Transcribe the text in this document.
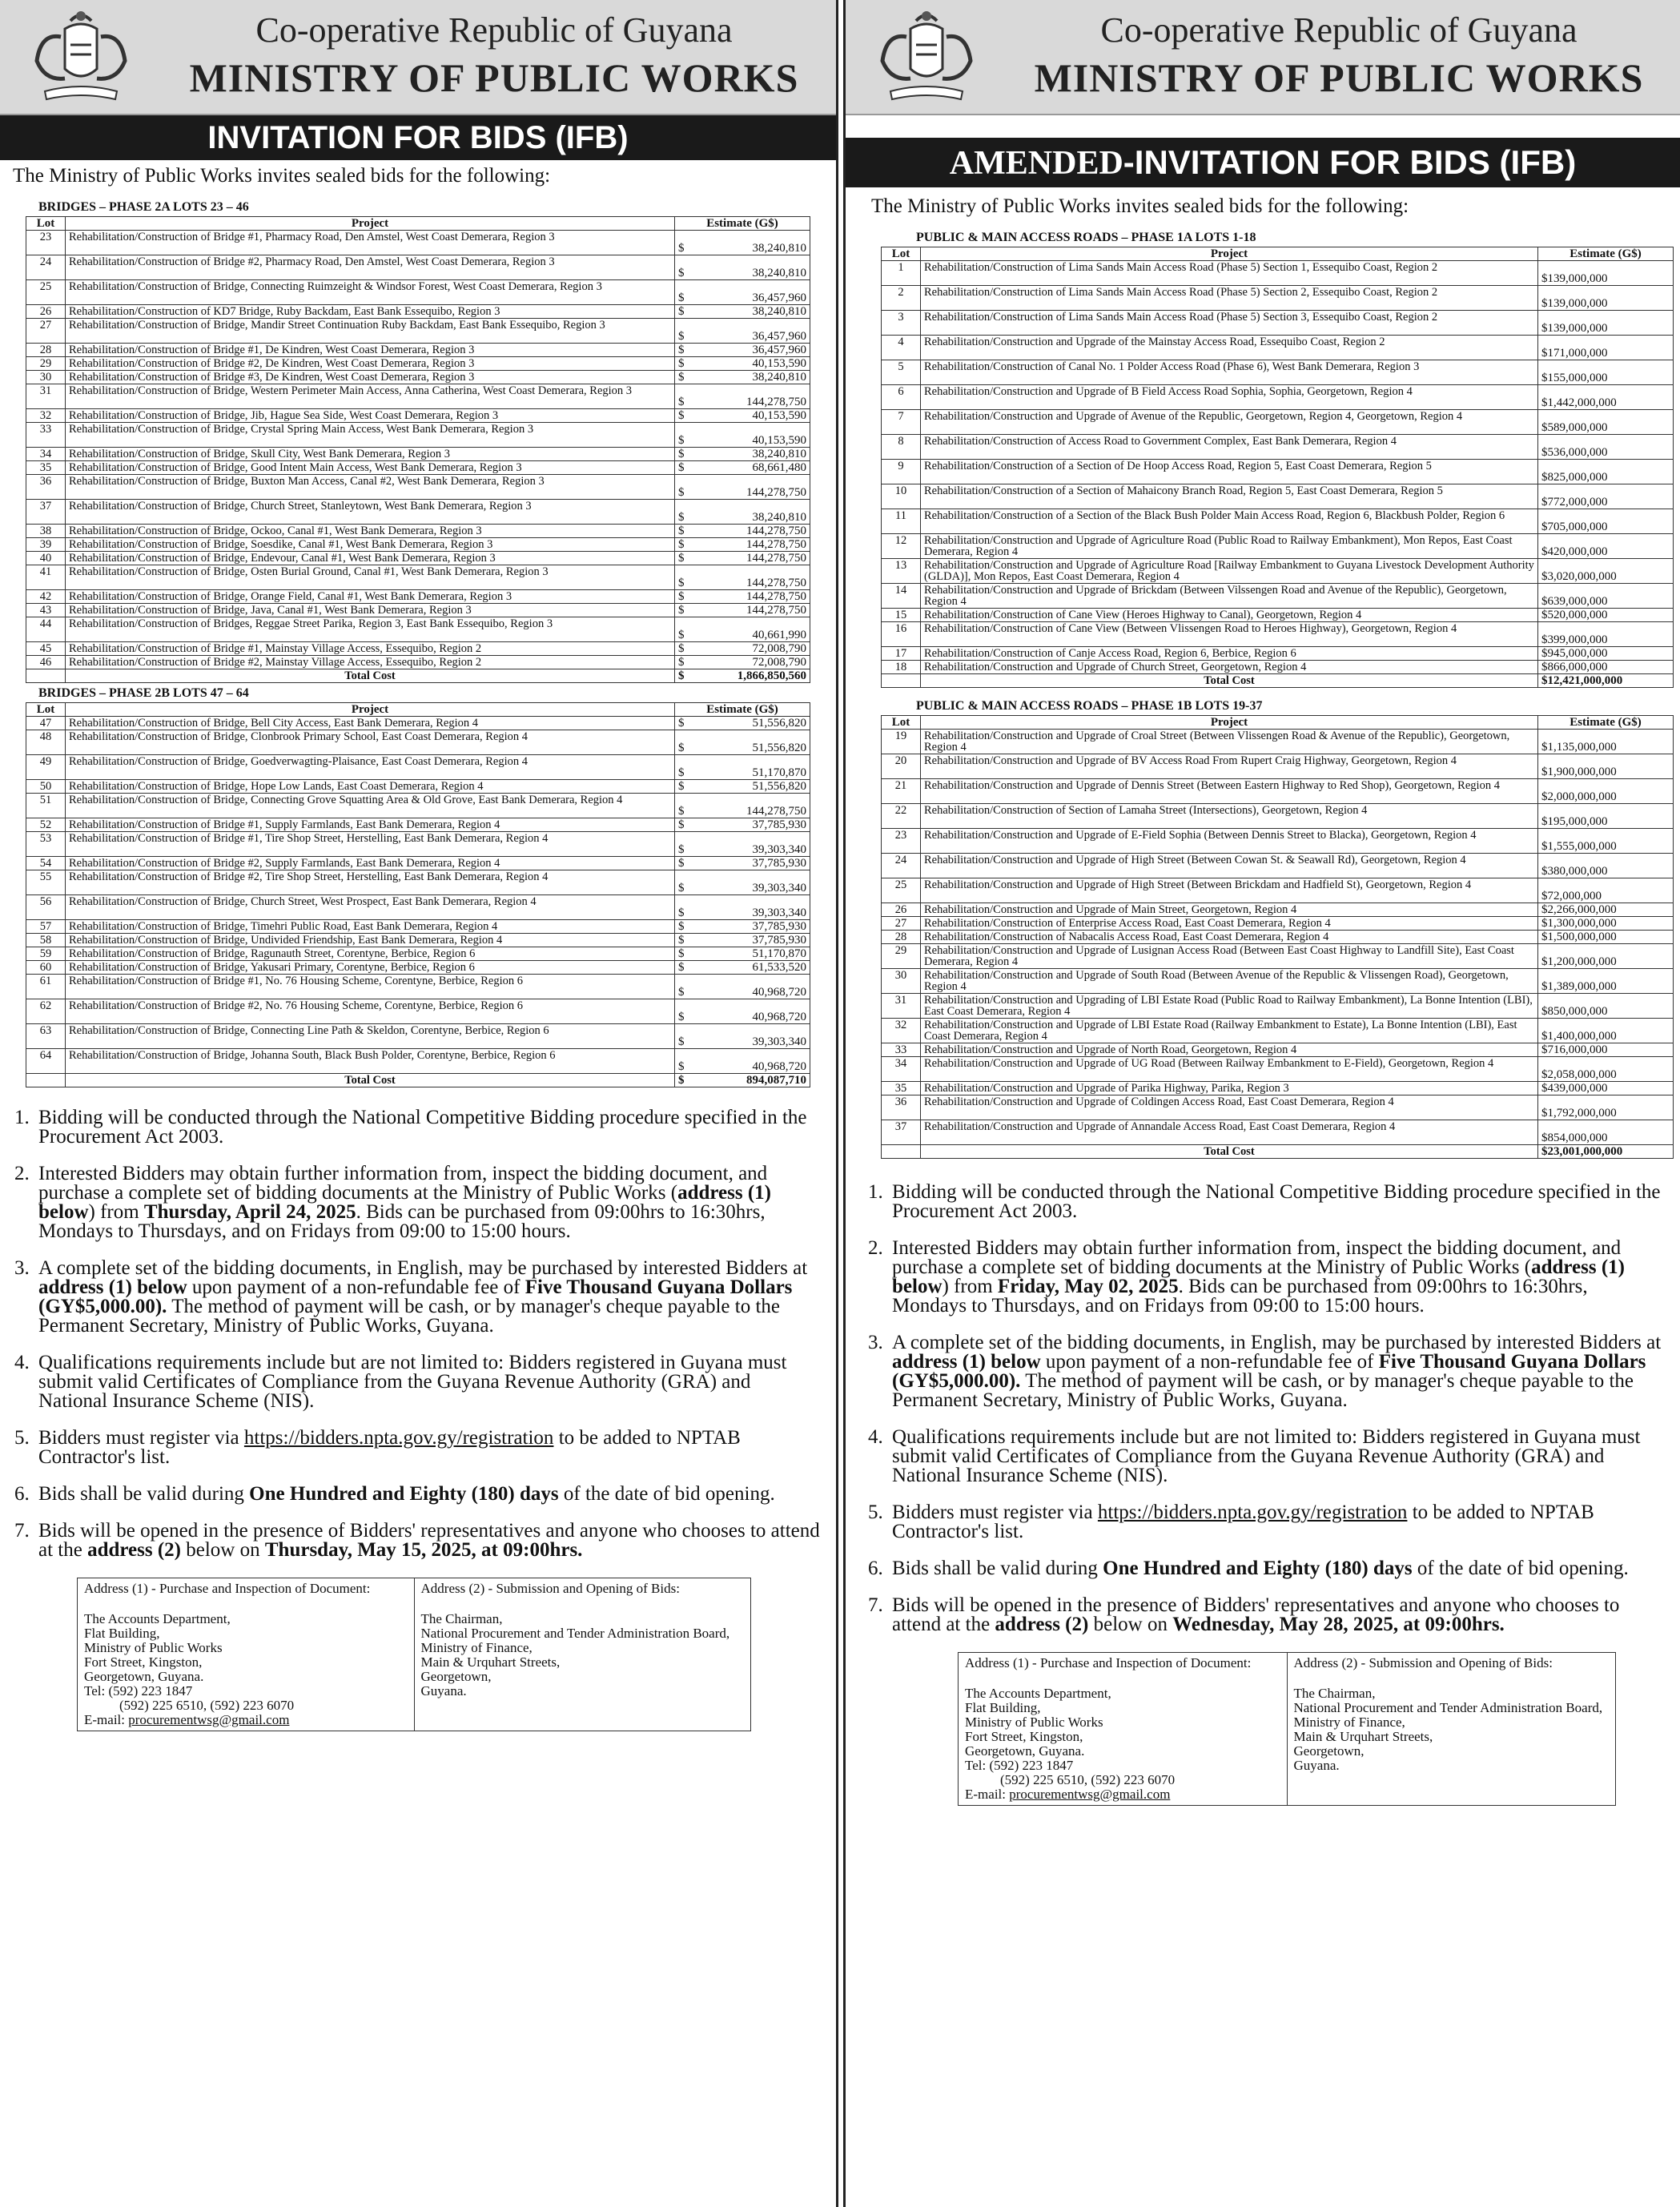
Co-operative Republic of Guyana
MINISTRY OF PUBLIC WORKS
INVITATION FOR BIDS (IFB)
The Ministry of Public Works invites sealed bids for the following:
BRIDGES – PHASE 2A LOTS 23 – 46
Lot	Project	Estimate (G$)
23	Rehabilitation/Construction of Bridge #1, Pharmacy Road, Den Amstel, West Coast Demerara, Region 3	$ 38,240,810

24	Rehabilitation/Construction of Bridge #2, Pharmacy Road, Den Amstel, West Coast Demerara, Region 3	$ 38,240,810

25	Rehabilitation/Construction of Bridge, Connecting Ruimzeight & Windsor Forest, West Coast Demerara, Region 3	$ 36,457,960

26	Rehabilitation/Construction of KD7 Bridge, Ruby Backdam, East Bank Essequibo, Region 3	$ 38,240,810

27	Rehabilitation/Construction of Bridge, Mandir Street Continuation Ruby Backdam, East Bank Essequibo, Region 3	$ 36,457,960

28	Rehabilitation/Construction of Bridge #1, De Kindren, West Coast Demerara, Region 3	$ 36,457,960

29	Rehabilitation/Construction of Bridge #2, De Kindren, West Coast Demerara, Region 3	$ 40,153,590

30	Rehabilitation/Construction of Bridge #3, De Kindren, West Coast Demerara, Region 3	$ 38,240,810

31	Rehabilitation/Construction of Bridge, Western Perimeter Main Access, Anna Catherina, West Coast Demerara, Region 3	$ 144,278,750

32	Rehabilitation/Construction of Bridge, Jib, Hague Sea Side, West Coast Demerara, Region 3	$ 40,153,590

33	Rehabilitation/Construction of Bridge, Crystal Spring Main Access, West Bank Demerara, Region 3	$ 40,153,590

34	Rehabilitation/Construction of Bridge, Skull City, West Bank Demerara, Region 3	$ 38,240,810

35	Rehabilitation/Construction of Bridge, Good Intent Main Access, West Bank Demerara, Region 3	$ 68,661,480

36	Rehabilitation/Construction of Bridge, Buxton Man Access, Canal #2, West Bank Demerara, Region 3	$ 144,278,750

37	Rehabilitation/Construction of Bridge, Church Street, Stanleytown, West Bank Demerara, Region 3	$ 38,240,810

38	Rehabilitation/Construction of Bridge, Ockoo, Canal #1, West Bank Demerara, Region 3	$ 144,278,750

39	Rehabilitation/Construction of Bridge, Soesdike, Canal #1, West Bank Demerara, Region 3	$ 144,278,750

40	Rehabilitation/Construction of Bridge, Endevour, Canal #1, West Bank Demerara, Region 3	$ 144,278,750

41	Rehabilitation/Construction of Bridge, Osten Burial Ground, Canal #1, West Bank Demerara, Region 3	$ 144,278,750

42	Rehabilitation/Construction of Bridge, Orange Field, Canal #1, West Bank Demerara, Region 3	$ 144,278,750

43	Rehabilitation/Construction of Bridge, Java, Canal #1, West Bank Demerara, Region 3	$ 144,278,750

44	Rehabilitation/Construction of Bridges, Reggae Street Parika, Region 3, East Bank Essequibo, Region 3	$ 40,661,990

45	Rehabilitation/Construction of Bridge #1, Mainstay Village Access, Essequibo, Region 2	$ 72,008,790

46	Rehabilitation/Construction of Bridge #2, Mainstay Village Access, Essequibo, Region 2	$ 72,008,790

	Total Cost	$ 1,866,850,560
BRIDGES – PHASE 2B LOTS 47 – 64
Lot	Project	Estimate (G$)
47	Rehabilitation/Construction of Bridge, Bell City Access, East Bank Demerara, Region 4	$ 51,556,820

48	Rehabilitation/Construction of Bridge, Clonbrook Primary School, East Coast Demerara, Region 4	$ 51,556,820

49	Rehabilitation/Construction of Bridge, Goedverwagting-Plaisance, East Coast Demerara, Region 4	$ 51,170,870

50	Rehabilitation/Construction of Bridge, Hope Low Lands, East Coast Demerara, Region 4	$ 51,556,820

51	Rehabilitation/Construction of Bridge, Connecting Grove Squatting Area & Old Grove, East Bank Demerara, Region 4	$ 144,278,750

52	Rehabilitation/Construction of Bridge #1, Supply Farmlands, East Bank Demerara, Region 4	$ 37,785,930

53	Rehabilitation/Construction of Bridge #1, Tire Shop Street, Herstelling, East Bank Demerara, Region 4	$ 39,303,340

54	Rehabilitation/Construction of Bridge #2, Supply Farmlands, East Bank Demerara, Region 4	$ 37,785,930

55	Rehabilitation/Construction of Bridge #2, Tire Shop Street, Herstelling, East Bank Demerara, Region 4	$ 39,303,340

56	Rehabilitation/Construction of Bridge, Church Street, West Prospect, East Bank Demerara, Region 4	$ 39,303,340

57	Rehabilitation/Construction of Bridge, Timehri Public Road, East Bank Demerara, Region 4	$ 37,785,930

58	Rehabilitation/Construction of Bridge, Undivided Friendship, East Bank Demerara, Region 4	$ 37,785,930

59	Rehabilitation/Construction of Bridge, Ragunauth Street, Corentyne, Berbice, Region 6	$ 51,170,870

60	Rehabilitation/Construction of Bridge, Yakusari Primary, Corentyne, Berbice, Region 6	$ 61,533,520

61	Rehabilitation/Construction of Bridge #1, No. 76 Housing Scheme, Corentyne, Berbice, Region 6	$ 40,968,720

62	Rehabilitation/Construction of Bridge #2, No. 76 Housing Scheme, Corentyne, Berbice, Region 6	$ 40,968,720

63	Rehabilitation/Construction of Bridge, Connecting Line Path & Skeldon, Corentyne, Berbice, Region 6	$ 39,303,340

64	Rehabilitation/Construction of Bridge, Johanna South, Black Bush Polder, Corentyne, Berbice, Region 6	$ 40,968,720

	Total Cost	$ 894,087,710
1. Bidding will be conducted through the National Competitive Bidding procedure specified in the Procurement Act 2003.
2. Interested Bidders may obtain further information from, inspect the bidding document, and purchase a complete set of bidding documents at the Ministry of Public Works (address (1) below) from Thursday, April 24, 2025. Bids can be purchased from 09:00hrs to 16:30hrs, Mondays to Thursdays, and on Fridays from 09:00 to 15:00 hours.
3. A complete set of the bidding documents, in English, may be purchased by interested Bidders at address (1) below upon payment of a non-refundable fee of Five Thousand Guyana Dollars (GY$5,000.00). The method of payment will be cash, or by manager's cheque payable to the Permanent Secretary, Ministry of Public Works, Guyana.
4. Qualifications requirements include but are not limited to: Bidders registered in Guyana must submit valid Certificates of Compliance from the Guyana Revenue Authority (GRA) and National Insurance Scheme (NIS).
5. Bidders must register via https://bidders.npta.gov.gy/registration to be added to NPTAB Contractor's list.
6. Bids shall be valid during One Hundred and Eighty (180) days of the date of bid opening.
7. Bids will be opened in the presence of Bidders' representatives and anyone who chooses to attend at the address (2) below on Thursday, May 15, 2025, at 09:00hrs.
Address (1) - Purchase and Inspection of Document:
The Accounts Department,
Flat Building,
Ministry of Public Works
Fort Street, Kingston,
Georgetown, Guyana.
Tel: (592) 223 1847
(592) 225 6510, (592) 223 6070
E-mail: procurementwsg@gmail.com
Address (2) - Submission and Opening of Bids:
The Chairman,
National Procurement and Tender Administration Board,
Ministry of Finance,
Main & Urquhart Streets,
Georgetown,
Guyana.
Co-operative Republic of Guyana
MINISTRY OF PUBLIC WORKS
AMENDED-INVITATION FOR BIDS (IFB)
The Ministry of Public Works invites sealed bids for the following:
PUBLIC & MAIN ACCESS ROADS – PHASE 1A LOTS 1-18
Lot	Project	Estimate (G$)
1	Rehabilitation/Construction of Lima Sands Main Access Road (Phase 5) Section 1, Essequibo Coast, Region 2	$139,000,000
2	Rehabilitation/Construction of Lima Sands Main Access Road (Phase 5) Section 2, Essequibo Coast, Region 2	$139,000,000
3	Rehabilitation/Construction of Lima Sands Main Access Road (Phase 5) Section 3, Essequibo Coast, Region 2	$139,000,000
4	Rehabilitation/Construction and Upgrade of the Mainstay Access Road, Essequibo Coast, Region 2	$171,000,000
5	Rehabilitation/Construction of Canal No. 1 Polder Access Road (Phase 6), West Bank Demerara, Region 3	$155,000,000
6	Rehabilitation/Construction and Upgrade of B Field Access Road Sophia, Sophia, Georgetown, Region 4	$1,442,000,000
7	Rehabilitation/Construction and Upgrade of Avenue of the Republic, Georgetown, Region 4, Georgetown, Region 4	$589,000,000
8	Rehabilitation/Construction of Access Road to Government Complex, East Bank Demerara, Region 4	$536,000,000
9	Rehabilitation/Construction of a Section of De Hoop Access Road, Region 5, East Coast Demerara, Region 5	$825,000,000
10	Rehabilitation/Construction of a Section of Mahaicony Branch Road, Region 5, East Coast Demerara, Region 5	$772,000,000
11	Rehabilitation/Construction of a Section of the Black Bush Polder Main Access Road, Region 6, Blackbush Polder, Region 6	$705,000,000
12	Rehabilitation/Construction and Upgrade of Agriculture Road (Public Road to Railway Embankment), Mon Repos, East Coast Demerara, Region 4	$420,000,000
13	Rehabilitation/Construction and Upgrade of Agriculture Road [Railway Embankment to Guyana Livestock Development Authority (GLDA)], Mon Repos, East Coast Demerara, Region 4	$3,020,000,000
14	Rehabilitation/Construction and Upgrade of Brickdam (Between Vilssengen Road and Avenue of the Republic), Georgetown, Region 4	$639,000,000
15	Rehabilitation/Construction of Cane View (Heroes Highway to Canal), Georgetown, Region 4	$520,000,000
16	Rehabilitation/Construction of Cane View (Between Vlissengen Road to Heroes Highway), Georgetown, Region 4	$399,000,000
17	Rehabilitation/Construction of Canje Access Road, Region 6, Berbice, Region 6	$945,000,000
18	Rehabilitation/Construction and Upgrade of Church Street, Georgetown, Region 4	$866,000,000
	Total Cost	$12,421,000,000
PUBLIC & MAIN ACCESS ROADS – PHASE 1B LOTS 19-37
Lot	Project	Estimate (G$)
19	Rehabilitation/Construction and Upgrade of Croal Street (Between Vlissengen Road & Avenue of the Republic), Georgetown, Region 4	$1,135,000,000
20	Rehabilitation/Construction and Upgrade of BV Access Road From Rupert Craig Highway, Georgetown, Region 4	$1,900,000,000
21	Rehabilitation/Construction and Upgrade of Dennis Street (Between Eastern Highway to Red Shop), Georgetown, Region 4	$2,000,000,000
22	Rehabilitation/Construction of Section of Lamaha Street (Intersections), Georgetown, Region 4	$195,000,000
23	Rehabilitation/Construction and Upgrade of E-Field Sophia (Between Dennis Street to Blacka), Georgetown, Region 4	$1,555,000,000
24	Rehabilitation/Construction and Upgrade of High Street (Between Cowan St. & Seawall Rd), Georgetown, Region 4	$380,000,000
25	Rehabilitation/Construction and Upgrade of High Street (Between Brickdam and Hadfield St), Georgetown, Region 4	$72,000,000
26	Rehabilitation/Construction and Upgrade of Main Street, Georgetown, Region 4	$2,266,000,000
27	Rehabilitation/Construction of Enterprise Access Road, East Coast Demerara, Region 4	$1,300,000,000
28	Rehabilitation/Construction of Nabacalis Access Road, East Coast Demerara, Region 4	$1,500,000,000
29	Rehabilitation/Construction and Upgrade of Lusignan Access Road (Between East Coast Highway to Landfill Site), East Coast Demerara, Region 4	$1,200,000,000
30	Rehabilitation/Construction and Upgrade of South Road (Between Avenue of the Republic & Vlissengen Road), Georgetown, Region 4	$1,389,000,000
31	Rehabilitation/Construction and Upgrading of LBI Estate Road (Public Road to Railway Embankment), La Bonne Intention (LBI), East Coast Demerara, Region 4	$850,000,000
32	Rehabilitation/Construction and Upgrade of LBI Estate Road (Railway Embankment to Estate), La Bonne Intention (LBI), East Coast Demerara, Region 4	$1,400,000,000
33	Rehabilitation/Construction and Upgrade of North Road, Georgetown, Region 4	$716,000,000
34	Rehabilitation/Construction and Upgrade of UG Road (Between Railway Embankment to E-Field), Georgetown, Region 4	$2,058,000,000
35	Rehabilitation/Construction and Upgrade of Parika Highway, Parika, Region 3	$439,000,000
36	Rehabilitation/Construction and Upgrade of Coldingen Access Road, East Coast Demerara, Region 4	$1,792,000,000
37	Rehabilitation/Construction and Upgrade of Annandale Access Road, East Coast Demerara, Region 4	$854,000,000
	Total Cost	$23,001,000,000
1. Bidding will be conducted through the National Competitive Bidding procedure specified in the Procurement Act 2003.
2. Interested Bidders may obtain further information from, inspect the bidding document, and purchase a complete set of bidding documents at the Ministry of Public Works (address (1) below) from Friday, May 02, 2025. Bids can be purchased from 09:00hrs to 16:30hrs, Mondays to Thursdays, and on Fridays from 09:00 to 15:00 hours.
3. A complete set of the bidding documents, in English, may be purchased by interested Bidders at address (1) below upon payment of a non-refundable fee of Five Thousand Guyana Dollars (GY$5,000.00). The method of payment will be cash, or by manager's cheque payable to the Permanent Secretary, Ministry of Public Works, Guyana.
4. Qualifications requirements include but are not limited to: Bidders registered in Guyana must submit valid Certificates of Compliance from the Guyana Revenue Authority (GRA) and National Insurance Scheme (NIS).
5. Bidders must register via https://bidders.npta.gov.gy/registration to be added to NPTAB Contractor's list.
6. Bids shall be valid during One Hundred and Eighty (180) days of the date of bid opening.
7. Bids will be opened in the presence of Bidders' representatives and anyone who chooses to attend at the address (2) below on Wednesday, May 28, 2025, at 09:00hrs.
Address (1) - Purchase and Inspection of Document:
The Accounts Department,
Flat Building,
Ministry of Public Works
Fort Street, Kingston,
Georgetown, Guyana.
Tel: (592) 223 1847
(592) 225 6510, (592) 223 6070
E-mail: procurementwsg@gmail.com
Address (2) - Submission and Opening of Bids:
The Chairman,
National Procurement and Tender Administration Board,
Ministry of Finance,
Main & Urquhart Streets,
Georgetown,
Guyana.
